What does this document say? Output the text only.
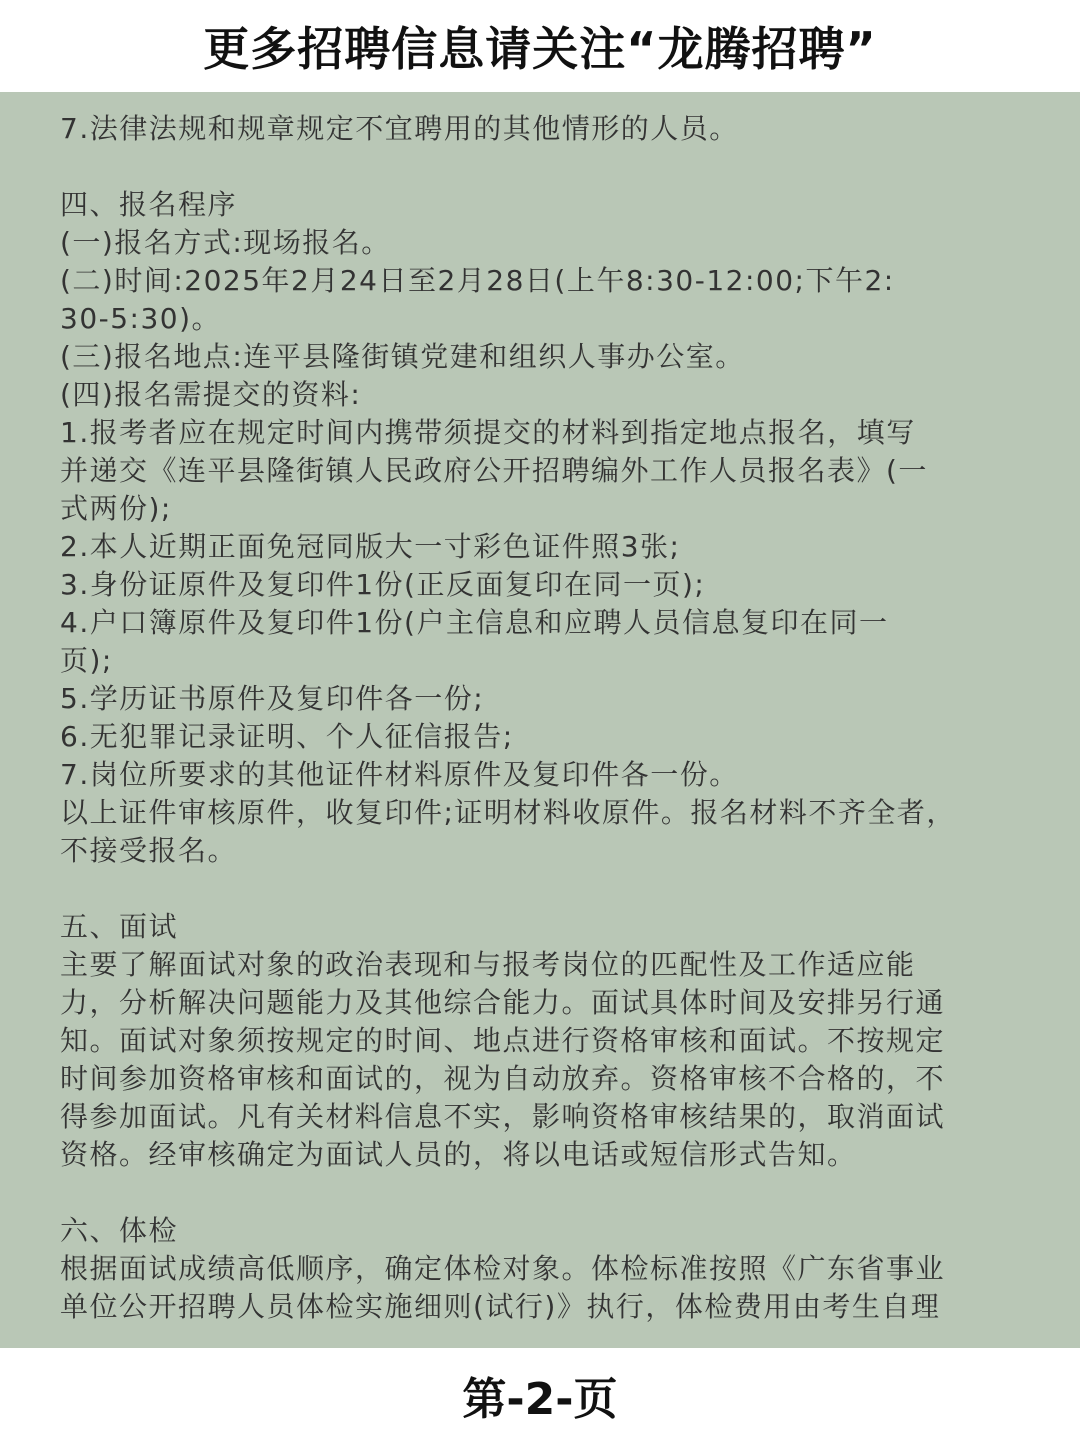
更多招聘信息请关注“龙腾招聘”
7.法律法规和规章规定不宜聘用的其他情形的人员。
四、报名程序
(一)报名方式:现场报名。
(二)时间:2025年2月24日至2月28日(上午8:30-12:00;下午2:
30-5:30)。
(三)报名地点:连平县隆街镇党建和组织人事办公室。
(四)报名需提交的资料:
1.报考者应在规定时间内携带须提交的材料到指定地点报名，填写
并递交《连平县隆街镇人民政府公开招聘编外工作人员报名表》(一
式两份);
2.本人近期正面免冠同版大一寸彩色证件照3张;
3.身份证原件及复印件1份(正反面复印在同一页);
4.户口簿原件及复印件1份(户主信息和应聘人员信息复印在同一
页);
5.学历证书原件及复印件各一份;
6.无犯罪记录证明、个人征信报告;
7.岗位所要求的其他证件材料原件及复印件各一份。
以上证件审核原件，收复印件;证明材料收原件。报名材料不齐全者，
不接受报名。
五、面试
主要了解面试对象的政治表现和与报考岗位的匹配性及工作适应能
力，分析解决问题能力及其他综合能力。面试具体时间及安排另行通
知。面试对象须按规定的时间、地点进行资格审核和面试。不按规定
时间参加资格审核和面试的，视为自动放弃。资格审核不合格的，不
得参加面试。凡有关材料信息不实，影响资格审核结果的，取消面试
资格。经审核确定为面试人员的，将以电话或短信形式告知。
六、体检
根据面试成绩高低顺序，确定体检对象。体检标准按照《广东省事业
单位公开招聘人员体检实施细则(试行)》执行，体检费用由考生自理
第-2-页
